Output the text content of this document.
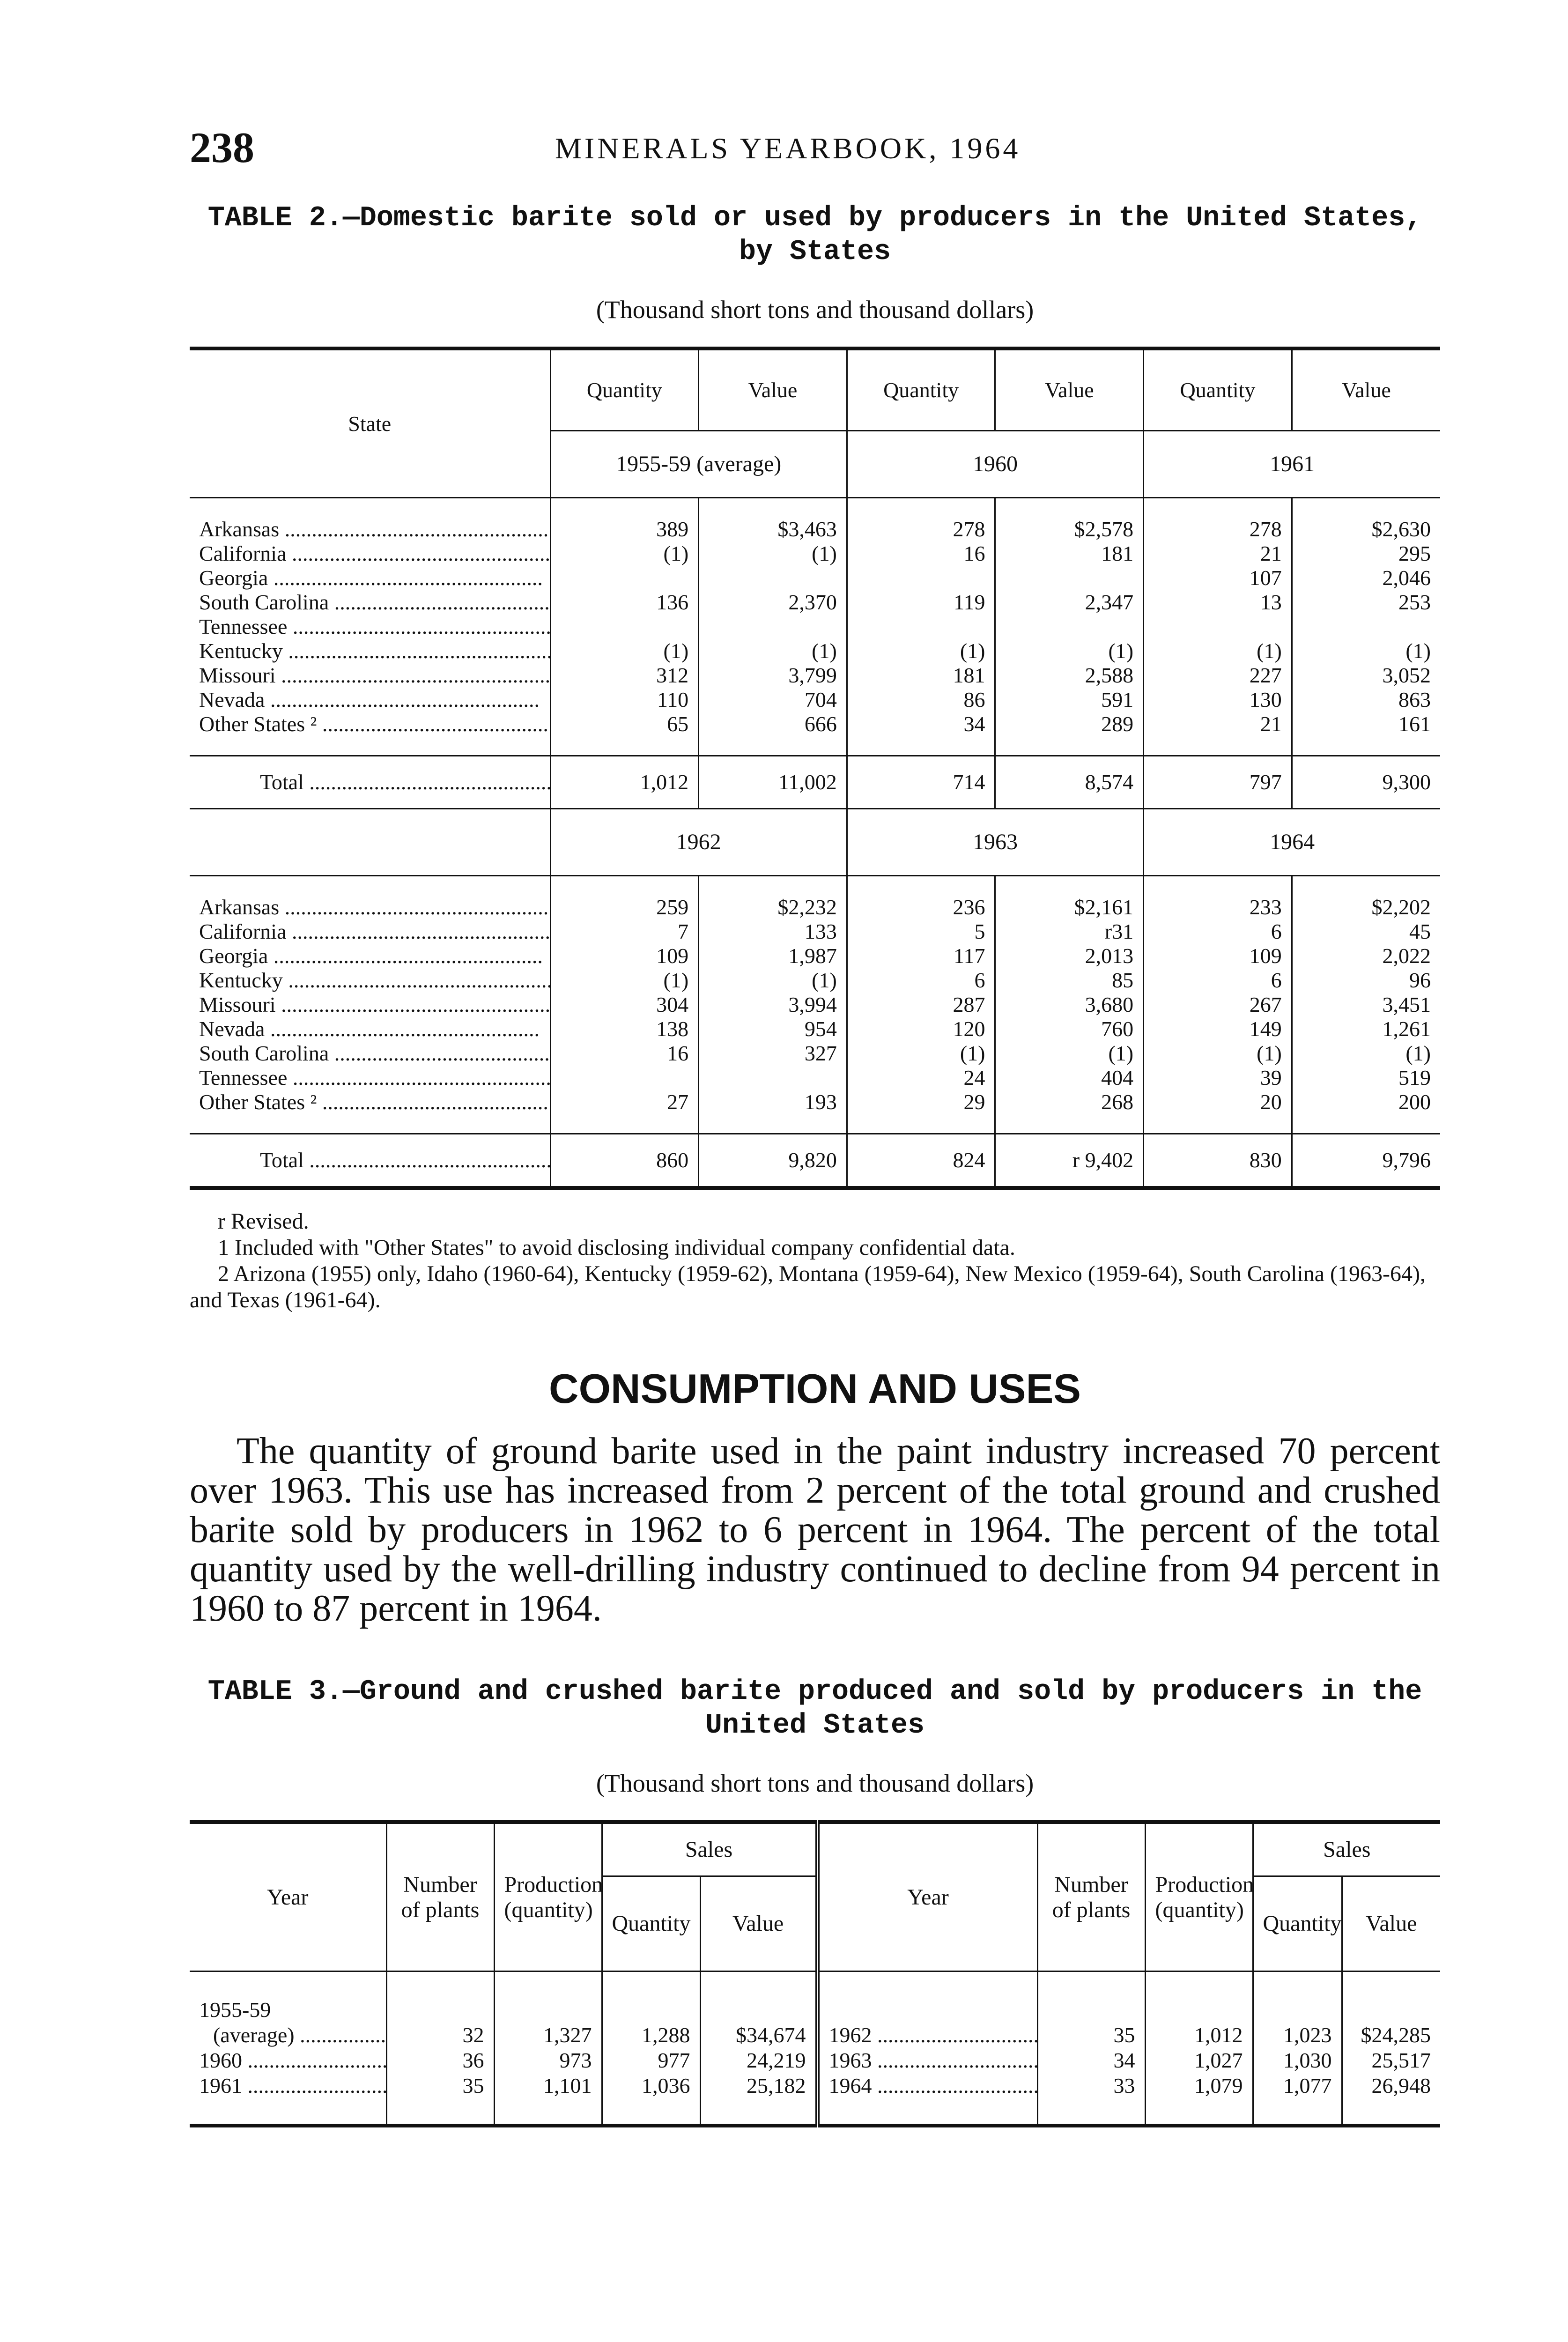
238	MINERALS YEARBOOK, 1964
TABLE 2.—Domestic barite sold or used by producers in the United States, by States
(Thousand short tons and thousand dollars)
State	Quantity	Value	Quantity	Value	Quantity	Value
	1955-59 (average)		1960		1961	

Arkansas .....	389	$3,463	278	$2,578	278	$2,630
California .....	(1)	(1)	16	181	21	295
Georgia .....					107	2,046
South Carolina .....	136	2,370	119	2,347	13	253
Tennessee .....						
Kentucky .....	(1)	(1)	(1)	(1)	(1)	(1)
Missouri .....	312	3,799	181	2,588	227	3,052
Nevada .....	110	704	86	591	130	863
Other States ² .....	65	666	34	289	21	161

Total .....	1,012	11,002	714	8,574	797	9,300
	1962		1963		1964	

Arkansas .....	259	$2,232	236	$2,161	233	$2,202
California .....	7	133	5	r31	6	45
Georgia .....	109	1,987	117	2,013	109	2,022
Kentucky .....	(1)	(1)	6	85	6	96
Missouri .....	304	3,994	287	3,680	267	3,451
Nevada .....	138	954	120	760	149	1,261
South Carolina .....	16	327	(1)	(1)	(1)	(1)
Tennessee .....			24	404	39	519
Other States ² .....	27	193	29	268	20	200

Total .....	860	9,820	824	r 9,402	830	9,796
r Revised.
1 Included with "Other States" to avoid disclosing individual company confidential data.
2 Arizona (1955) only, Idaho (1960-64), Kentucky (1959-62), Montana (1959-64), New Mexico (1959-64), South Carolina (1963-64), and Texas (1961-64).
CONSUMPTION AND USES
The quantity of ground barite used in the paint industry increased 70 percent over 1963. This use has increased from 2 percent of the total ground and crushed barite sold by producers in 1962 to 6 percent in 1964. The percent of the total quantity used by the well-drilling industry continued to decline from 94 percent in 1960 to 87 percent in 1964.
TABLE 3.—Ground and crushed barite produced and sold by producers in the United States
(Thousand short tons and thousand dollars)
Year	Number of plants	Production (quantity)	Sales		Year	Number of plants	Production (quantity)	Sales	
			Quantity	Value				Quantity	Value

1955-59									
(average) .....	32	1,327	1,288	$34,674	1962 .....	35	1,012	1,023	$24,285
1960 .....	36	973	977	24,219	1963 .....	34	1,027	1,030	25,517
1961 .....	35	1,101	1,036	25,182	1964 .....	33	1,079	1,077	26,948
